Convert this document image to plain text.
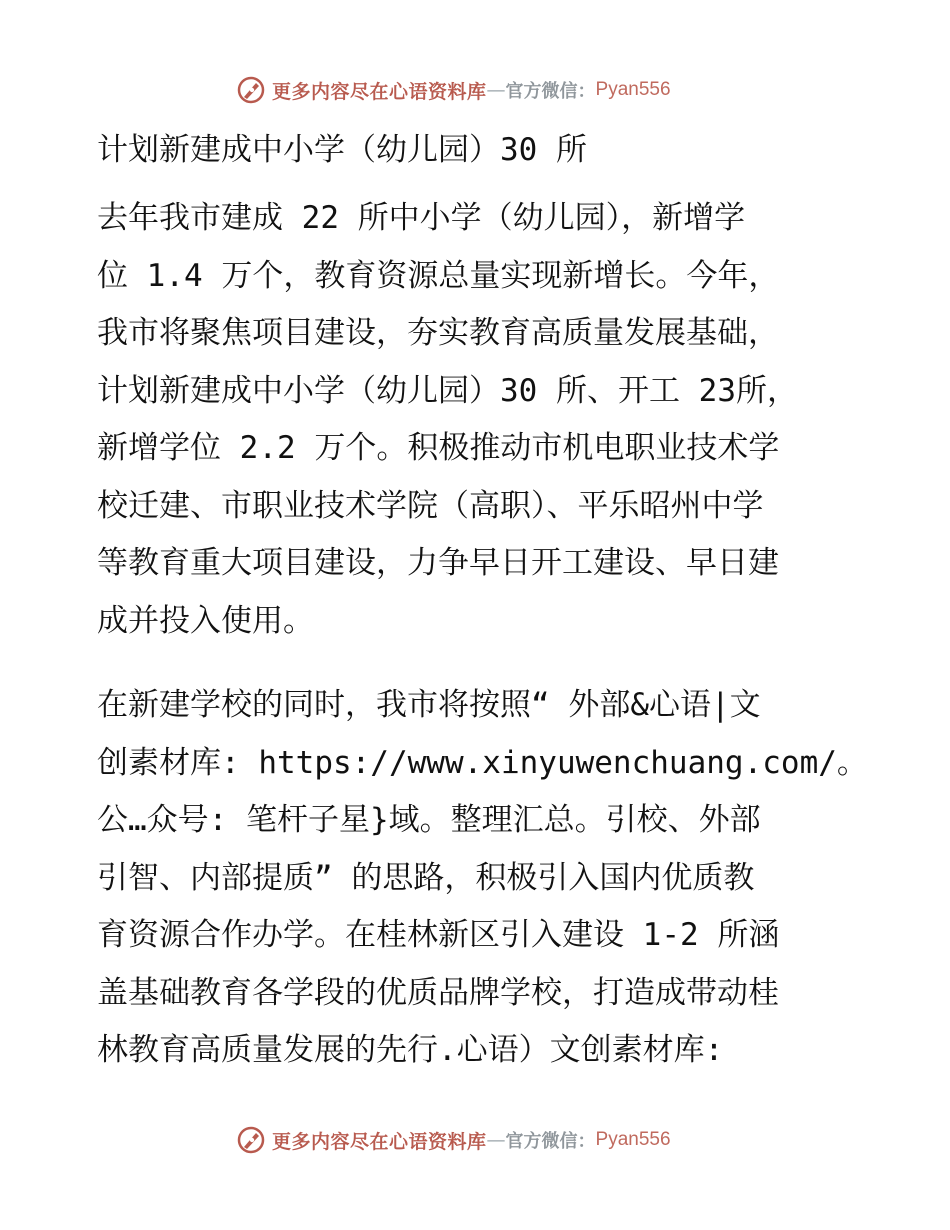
更多内容尽在心语资料库 — 官方微信： Pyan556
计划新建成中小学（幼儿园）30 所
去年我市建成 22 所中小学（幼儿园），新增学
位 1.4 万个，教育资源总量实现新增长。今年，
我市将聚焦项目建设，夯实教育高质量发展基础，
计划新建成中小学（幼儿园）30 所、开工 23所，
新增学位 2.2 万个。积极推动市机电职业技术学
校迁建、市职业技术学院（高职）、平乐昭州中学
等教育重大项目建设，力争早日开工建设、早日建
成并投入使用。
在新建学校的同时，我市将按照“ 外部&心语|文
创素材库: https://www.xinyuwenchuang.com/。
公…众号: 笔杆子星}域。整理汇总。引校、外部
引智、内部提质” 的思路，积极引入国内优质教
育资源合作办学。在桂林新区引入建设 1-2 所涵
盖基础教育各学段的优质品牌学校，打造成带动桂
林教育高质量发展的先行.心语）文创素材库:
更多内容尽在心语资料库 — 官方微信： Pyan556
